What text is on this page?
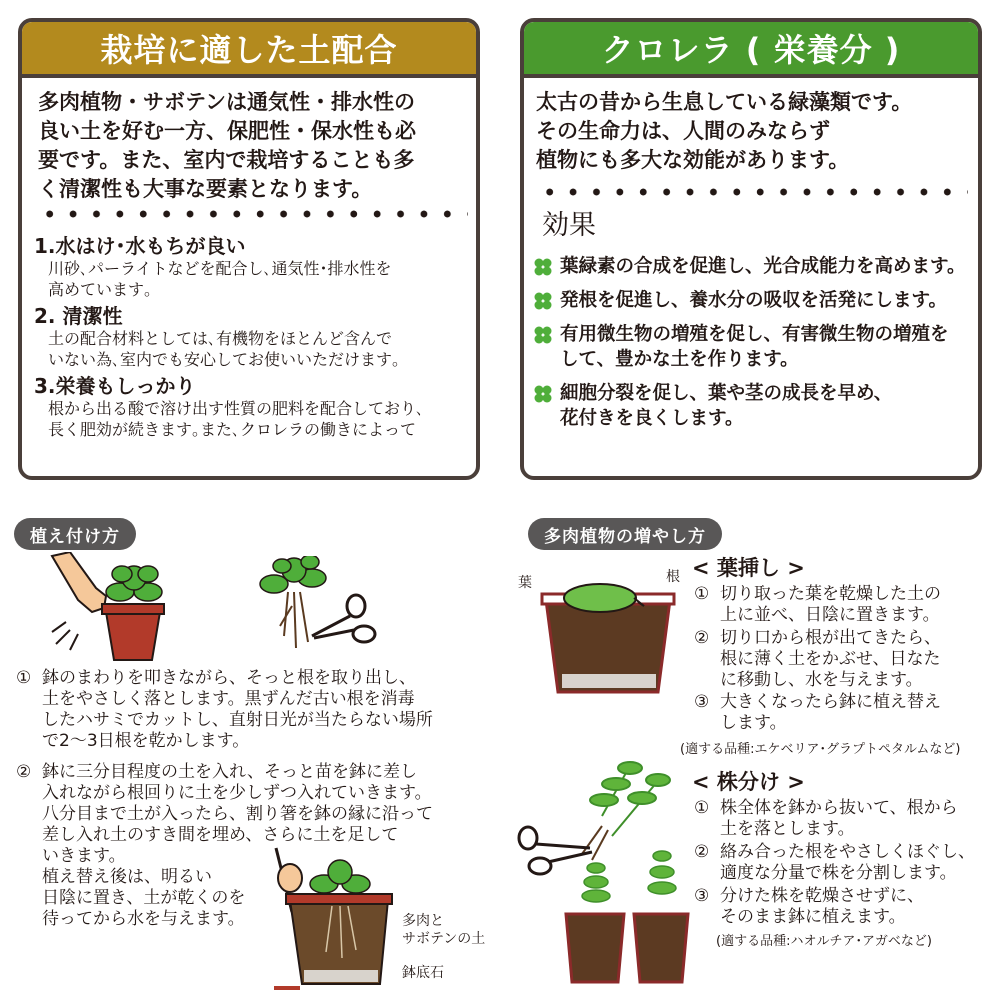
栽培に適した土配合

多肉植物・サボテンは通気性・排水性の

良い土を好む一方、保肥性・保水性も必

要です。また、室内で栽培することも多

く清潔性も大事な要素となります。

1.水はけ･水もちが良い
川砂､パーライトなどを配合し､通気性･排水性を
高めています｡
2. 清潔性
土の配合材料としては､有機物をほとんど含んで
いない為､室内でも安心してお使いいただけます｡
3.栄養もしっかり
根から出る酸で溶け出す性質の肥料を配合しており､
長く肥効が続きます｡また､クロレラの働きによって
クロレラ ( 栄養分 )

太古の昔から生息している緑藻類です。

その生命力は、人間のみならず

植物にも多大な効能があります。

効果
葉緑素の合成を促進し、光合成能力を高めます。
発根を促進し、養水分の吸収を活発にします。
有用微生物の増殖を促し、有害微生物の増殖を
して、豊かな土を作ります。
細胞分裂を促し、葉や茎の成長を早め、
花付きを良くします。
植え付け方
① 鉢のまわりを叩きながら、そっと根を取り出し、
土をやさしく落とします。黒ずんだ古い根を消毒
したハサミでカットし、直射日光が当たらない場所
で2〜3日根を乾かします。
② 鉢に三分目程度の土を入れ、そっと苗を鉢に差し
入れながら根回りに土を少しずつ入れていきます。
八分目まで土が入ったら、割り箸を鉢の縁に沿って
差し入れ土のすき間を埋め、さらに土を足して
いきます。
植え替え後は、明るい
日陰に置き、土が乾くのを
待ってから水を与えます。	多肉と
サボテンの土
鉢底石
多肉植物の増やし方
葉	根 < 葉挿し >
① 切り取った葉を乾燥した土の
上に並べ、日陰に置きます。
② 切り口から根が出てきたら、
根に薄く土をかぶせ、日なた
に移動し、水を与えます。
③ 大きくなったら鉢に植え替え
します。
(適する品種:エケベリア･グラプトペタルムなど)
< 株分け >
① 株全体を鉢から抜いて、根から
土を落とします。
② 絡み合った根をやさしくほぐし、
適度な分量で株を分割します。
③ 分けた株を乾燥させずに、
そのまま鉢に植えます。
(適する品種:ハオルチア･アガベなど)
